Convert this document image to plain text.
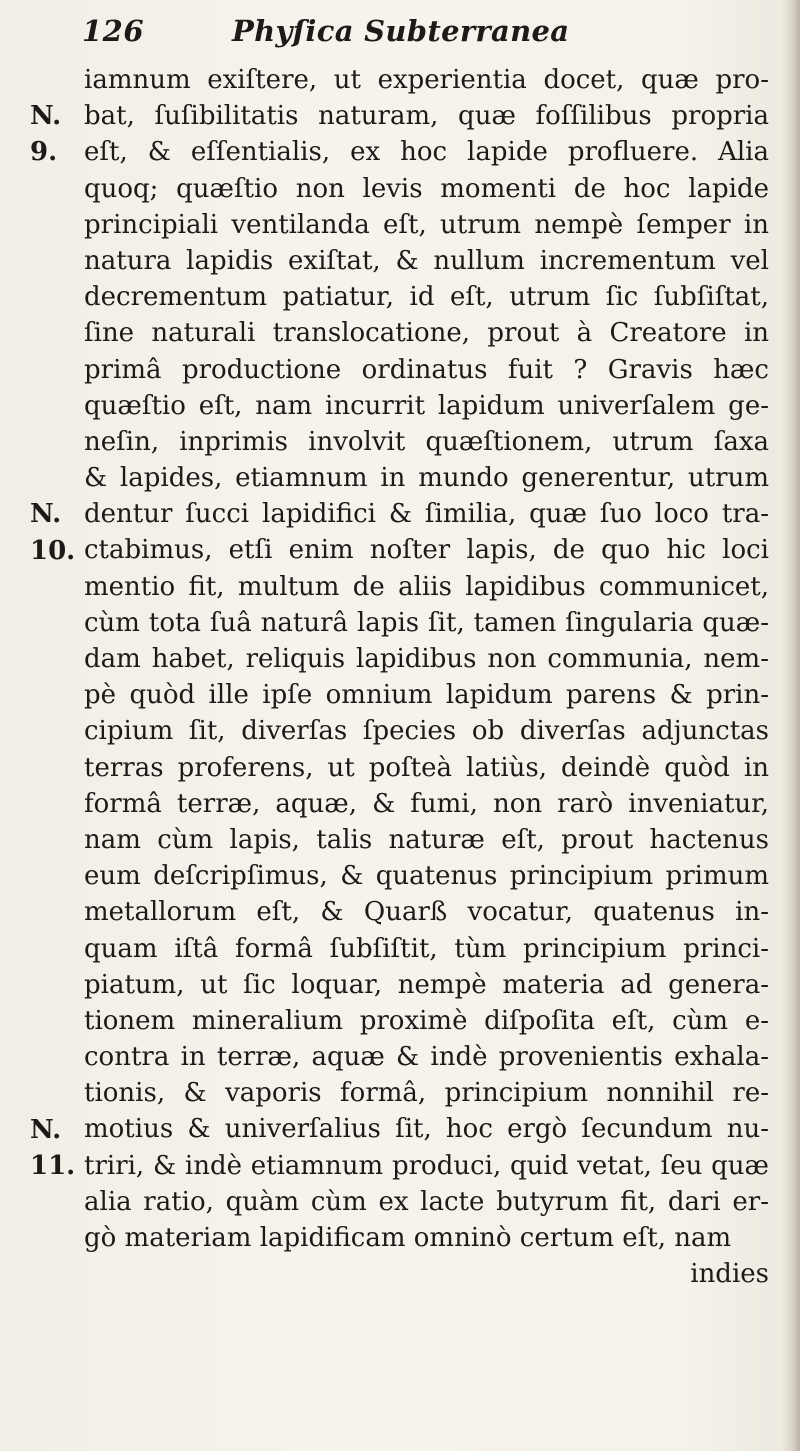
126	Phyſica Subterranea
iamnum exiſtere, ut experientia docet, quæ pro-
bat, ſuſibilitatis naturam, quæ foſſilibus propria
eſt, & eſſentialis, ex hoc lapide profluere. Alia
quoq; quæſtio non levis momenti de hoc lapide
principiali ventilanda eſt, utrum nempè ſemper in
natura lapidis exiſtat, & nullum incrementum vel
decrementum patiatur, id eſt, utrum ſic ſubſiſtat,
ſine naturali translocatione, prout à Creatore in
primâ productione ordinatus fuit ? Gravis hæc
quæſtio eſt, nam incurrit lapidum univerſalem ge-
neſin, inprimis involvit quæſtionem, utrum ſaxa
& lapides, etiamnum in mundo generentur, utrum
dentur ſucci lapidifici & ſimilia, quæ ſuo loco tra-
ctabimus, etſi enim noſter lapis, de quo hic loci
mentio fit, multum de aliis lapidibus communicet,
cùm tota ſuâ naturâ lapis ſit, tamen ſingularia quæ-
dam habet, reliquis lapidibus non communia, nem-
pè quòd ille ipſe omnium lapidum parens & prin-
cipium ſit, diverſas ſpecies ob diverſas adjunctas
terras proferens, ut poſteà latiùs, deindè quòd in
formâ terræ, aquæ, & fumi, non rarò inveniatur,
nam cùm lapis, talis naturæ eſt, prout hactenus
eum deſcripſimus, & quatenus principium primum
metallorum eſt, & Quarß vocatur, quatenus in-
quam iſtâ formâ ſubſiſtit, tùm principium princi-
piatum, ut ſic loquar, nempè materia ad genera-
tionem mineralium proximè diſpoſita eſt, cùm e-
contra in terræ, aquæ & indè provenientis exhala-
tionis, & vaporis formâ, principium nonnihil re-
motius & univerſalius ſit, hoc ergò ſecundum nu-
triri, & indè etiamnum produci, quid vetat, ſeu quæ
alia ratio, quàm cùm ex lacte butyrum fit, dari er-
gò materiam lapidificam omninò certum eſt, nam
indies
N.
9.
N.
10.
N.
11.
